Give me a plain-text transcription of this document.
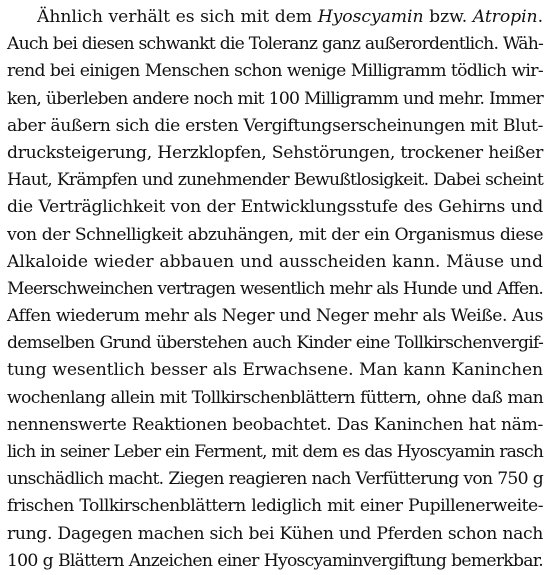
Ähnlich verhält es sich mit dem Hyoscyamin bzw. Atropin.
Auch bei diesen schwankt die Toleranz ganz außerordentlich. Wäh-
rend bei einigen Menschen schon wenige Milligramm tödlich wir-
ken, überleben andere noch mit 100 Milligramm und mehr. Immer
aber äußern sich die ersten Vergiftungserscheinungen mit Blut-
drucksteigerung, Herzklopfen, Sehstörungen, trockener heißer
Haut, Krämpfen und zunehmender Bewußtlosigkeit. Dabei scheint
die Verträglichkeit von der Entwicklungsstufe des Gehirns und
von der Schnelligkeit abzuhängen, mit der ein Organismus diese
Alkaloide wieder abbauen und ausscheiden kann. Mäuse und
Meerschweinchen vertragen wesentlich mehr als Hunde und Affen.
Affen wiederum mehr als Neger und Neger mehr als Weiße. Aus
demselben Grund überstehen auch Kinder eine Tollkirschenvergif-
tung wesentlich besser als Erwachsene. Man kann Kaninchen
wochenlang allein mit Tollkirschenblättern füttern, ohne daß man
nennenswerte Reaktionen beobachtet. Das Kaninchen hat näm-
lich in seiner Leber ein Ferment, mit dem es das Hyoscyamin rasch
unschädlich macht. Ziegen reagieren nach Verfütterung von 750 g
frischen Tollkirschenblättern lediglich mit einer Pupillenerweite-
rung. Dagegen machen sich bei Kühen und Pferden schon nach
100 g Blättern Anzeichen einer Hyoscyaminvergiftung bemerkbar.
